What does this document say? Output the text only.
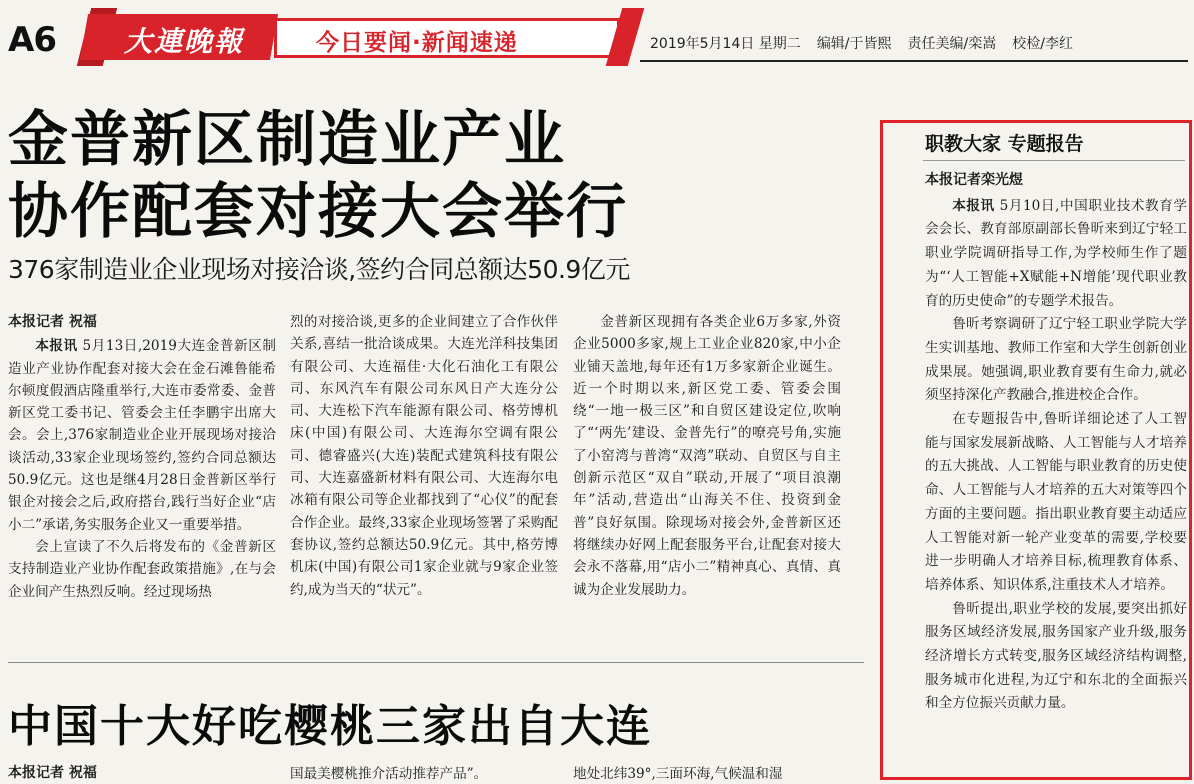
A6 大連晚報	今日要闻·新闻速递	2019年5月14日 星期二 编辑/于皆熙 责任美编/栾嵩 校检/李红
金普新区制造业产业
协作配套对接大会举行
376家制造业企业现场对接洽谈,签约合同总额达50.9亿元

本报记者 祝福

本报讯 5月13日,2019大连金普新区制造业产业协作配套对接大会在金石滩鲁能希尔顿度假酒店隆重举行,大连市委常委、金普新区党工委书记、管委会主任李鹏宇出席大会。会上,376家制造业企业开展现场对接洽谈活动,33家企业现场签约,签约合同总额达50.9亿元。这也是继4月28日金普新区举行银企对接会之后,政府搭台,践行当好企业“店小二”承诺,务实服务企业又一重要举措。

会上宣读了不久后将发布的《金普新区支持制造业产业协作配套政策措施》,在与会企业间产生热烈反响。经过现场热

烈的对接洽谈,更多的企业间建立了合作伙伴关系,喜结一批洽谈成果。大连光洋科技集团有限公司、大连福佳·大化石油化工有限公司、东风汽车有限公司东风日产大连分公司、大连松下汽车能源有限公司、格劳博机床(中国)有限公司、大连海尔空调有限公司、德睿盛兴(大连)装配式建筑科技有限公司、大连嘉盛新材料有限公司、大连海尔电冰箱有限公司等企业都找到了“心仪”的配套合作企业。最终,33家企业现场签署了采购配套协议,签约总额达50.9亿元。其中,格劳博机床(中国)有限公司1家企业就与9家企业签约,成为当天的“状元”。

金普新区现拥有各类企业6万多家,外资企业5000多家,规上工业企业820家,中小企业铺天盖地,每年还有1万多家新企业诞生。近一个时期以来,新区党工委、管委会围绕“一地一极三区”和自贸区建设定位,吹响了“‘两先’建设、金普先行”的嘹亮号角,实施了小窑湾与普湾“双湾”联动、自贸区与自主创新示范区“双自”联动,开展了“项目浪潮年”活动,营造出“山海关不住、投资到金普”良好氛围。除现场对接会外,金普新区还将继续办好网上配套服务平台,让配套对接大会永不落幕,用“店小二”精神真心、真情、真诚为企业发展助力。

中国十大好吃樱桃三家出自大连
本报记者 祝福	国最美樱桃推介活动推荐产品”。	地处北纬39°,三面环海,气候温和湿
职教大家 专题报告

本报记者栾光煜

本报讯 5月10日,中国职业技术教育学会会长、教育部原副部长鲁昕来到辽宁轻工职业学院调研指导工作,为学校师生作了题为“‘人工智能+X赋能+N增能’现代职业教育的历史使命”的专题学术报告。

鲁昕考察调研了辽宁轻工职业学院大学生实训基地、教师工作室和大学生创新创业成果展。她强调,职业教育要有生命力,就必须坚持深化产教融合,推进校企合作。

在专题报告中,鲁昕详细论述了人工智能与国家发展新战略、人工智能与人才培养的五大挑战、人工智能与职业教育的历史使命、人工智能与人才培养的五大对策等四个方面的主要问题。指出职业教育要主动适应人工智能对新一轮产业变革的需要,学校要进一步明确人才培养目标,梳理教育体系、培养体系、知识体系,注重技术人才培养。

鲁昕提出,职业学校的发展,要突出抓好服务区域经济发展,服务国家产业升级,服务经济增长方式转变,服务区域经济结构调整,服务城市化进程,为辽宁和东北的全面振兴和全方位振兴贡献力量。
